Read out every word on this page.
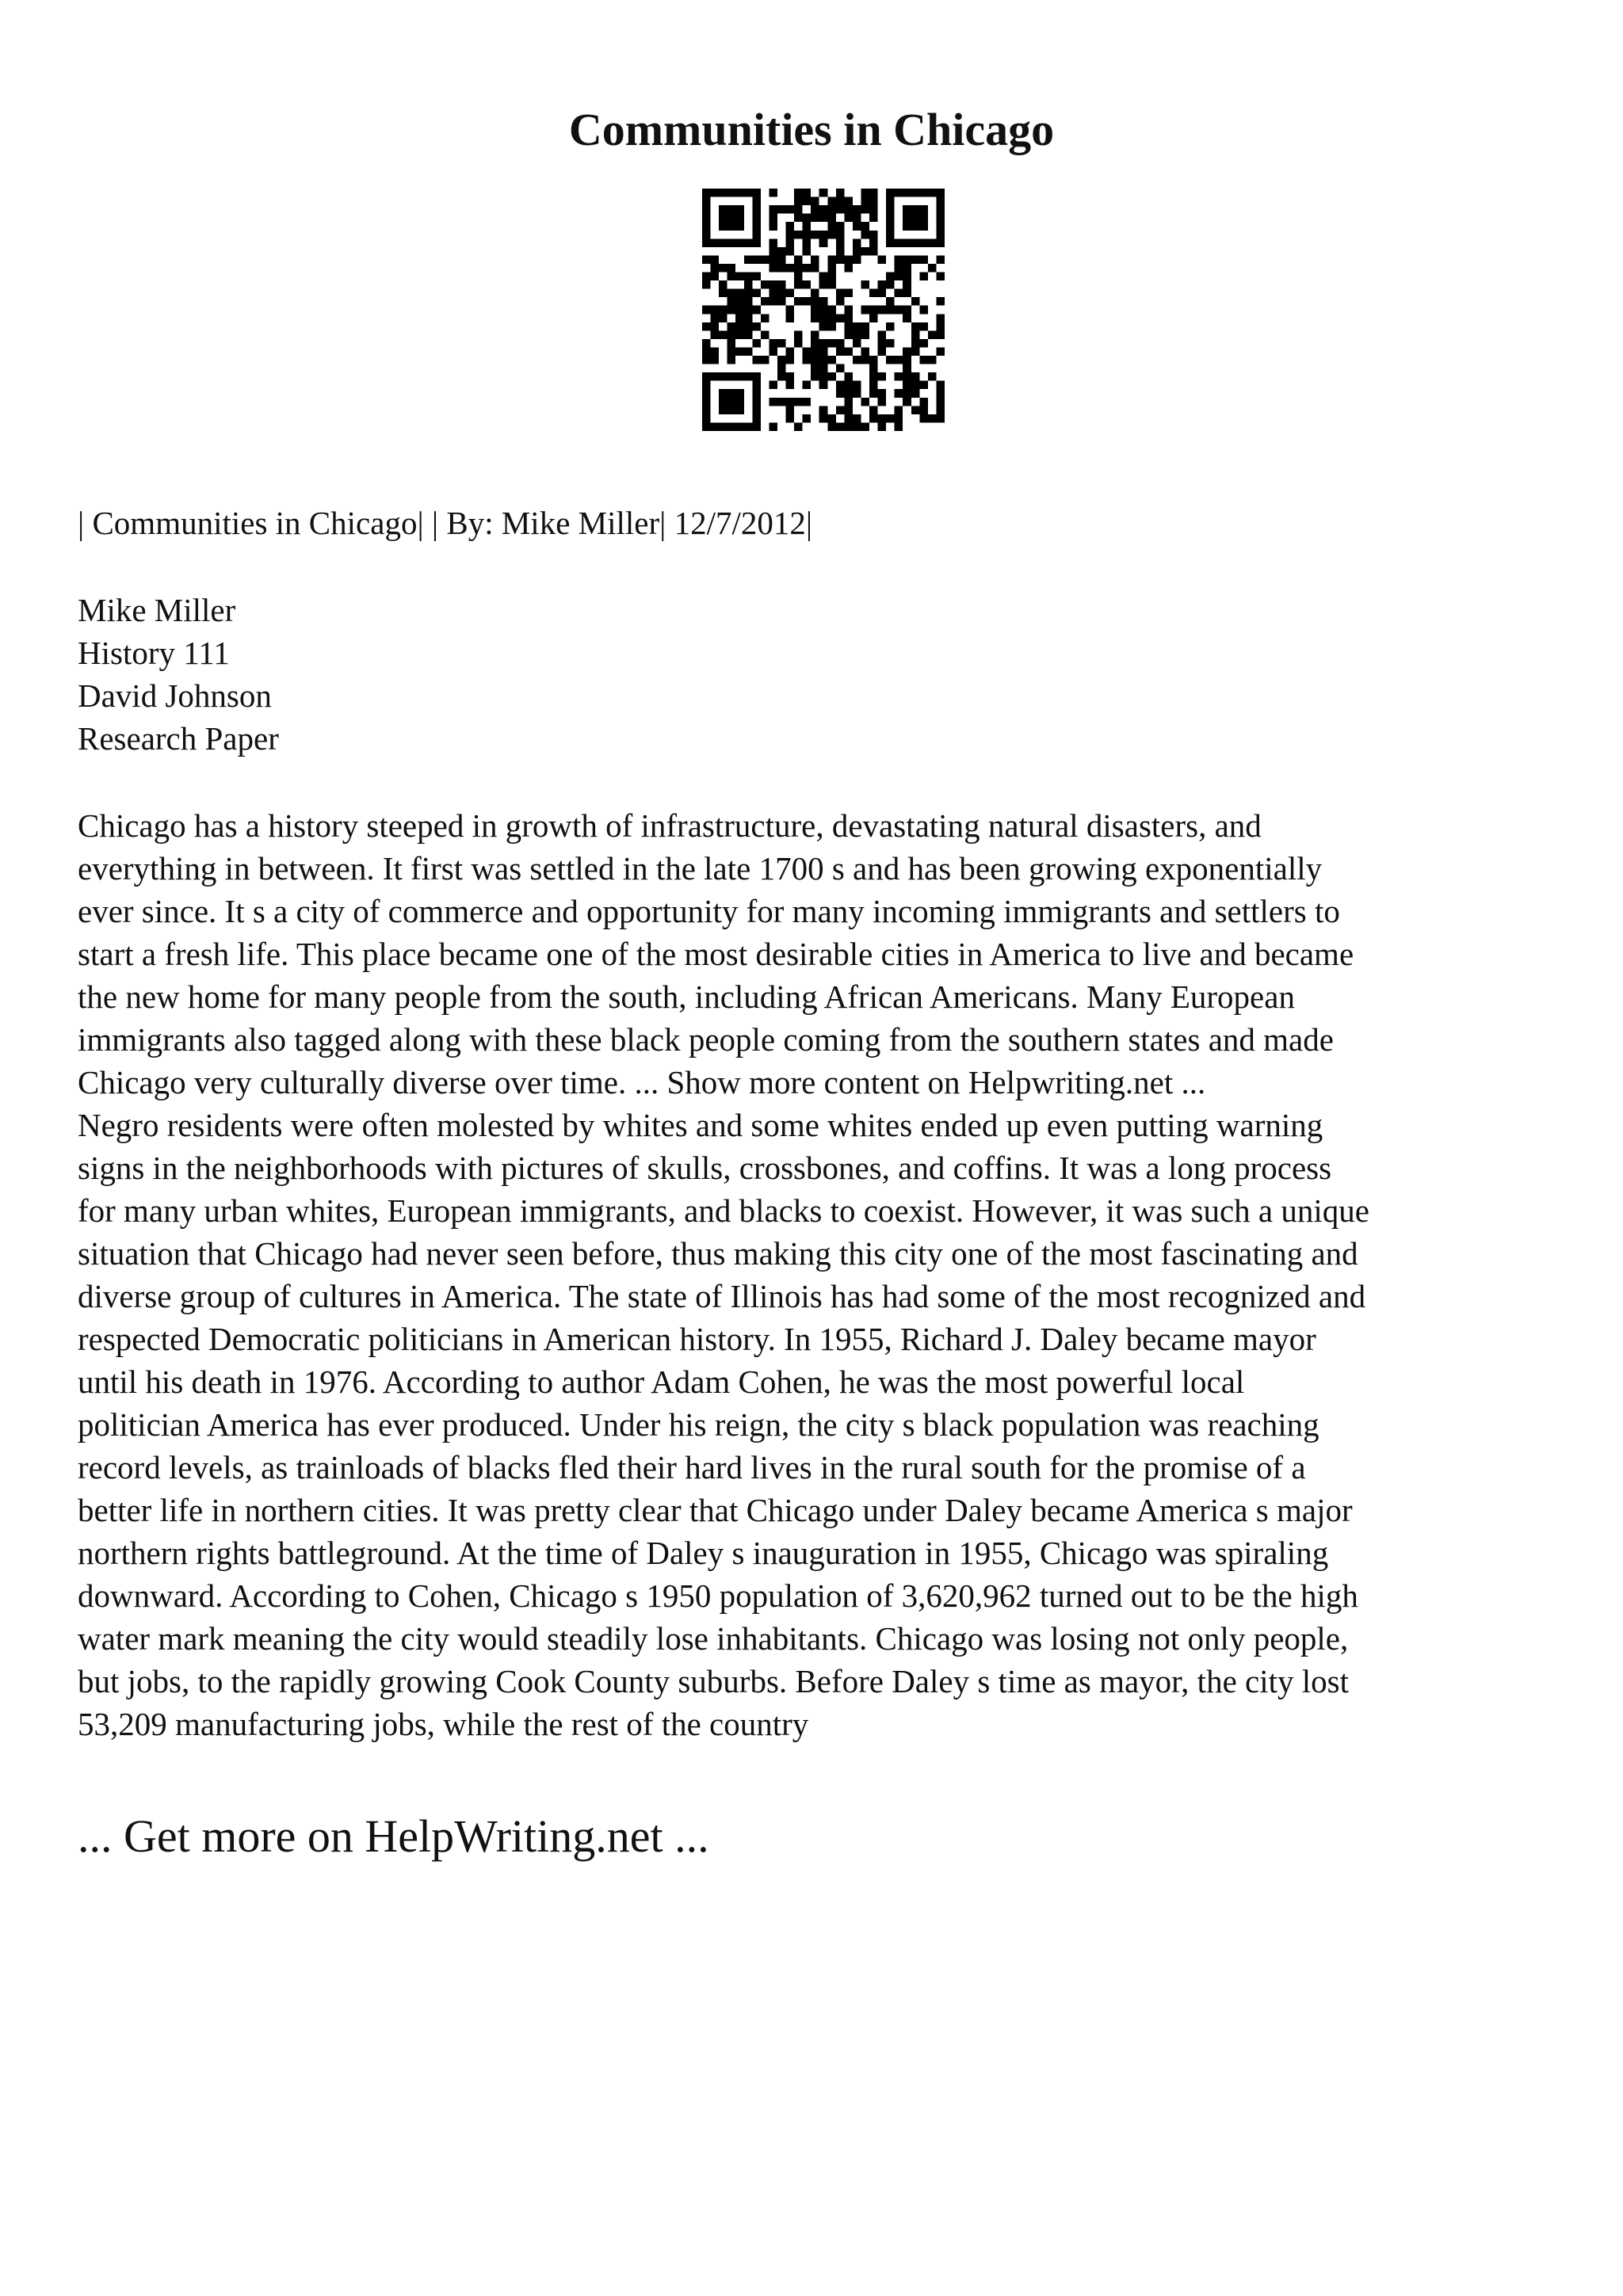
Communities in Chicago
| Communities in Chicago| | By: Mike Miller| 12/7/2012|
Mike Miller
History 111
David Johnson
Research Paper
Chicago has a history steeped in growth of infrastructure, devastating natural disasters, and
everything in between. It first was settled in the late 1700 s and has been growing exponentially
ever since. It s a city of commerce and opportunity for many incoming immigrants and settlers to
start a fresh life. This place became one of the most desirable cities in America to live and became
the new home for many people from the south, including African Americans. Many European
immigrants also tagged along with these black people coming from the southern states and made
Chicago very culturally diverse over time. ... Show more content on Helpwriting.net ...
Negro residents were often molested by whites and some whites ended up even putting warning
signs in the neighborhoods with pictures of skulls, crossbones, and coffins. It was a long process
for many urban whites, European immigrants, and blacks to coexist. However, it was such a unique
situation that Chicago had never seen before, thus making this city one of the most fascinating and
diverse group of cultures in America. The state of Illinois has had some of the most recognized and
respected Democratic politicians in American history. In 1955, Richard J. Daley became mayor
until his death in 1976. According to author Adam Cohen, he was the most powerful local
politician America has ever produced. Under his reign, the city s black population was reaching
record levels, as trainloads of blacks fled their hard lives in the rural south for the promise of a
better life in northern cities. It was pretty clear that Chicago under Daley became America s major
northern rights battleground. At the time of Daley s inauguration in 1955, Chicago was spiraling
downward. According to Cohen, Chicago s 1950 population of 3,620,962 turned out to be the high
water mark meaning the city would steadily lose inhabitants. Chicago was losing not only people,
but jobs, to the rapidly growing Cook County suburbs. Before Daley s time as mayor, the city lost
53,209 manufacturing jobs, while the rest of the country
... Get more on HelpWriting.net ...
